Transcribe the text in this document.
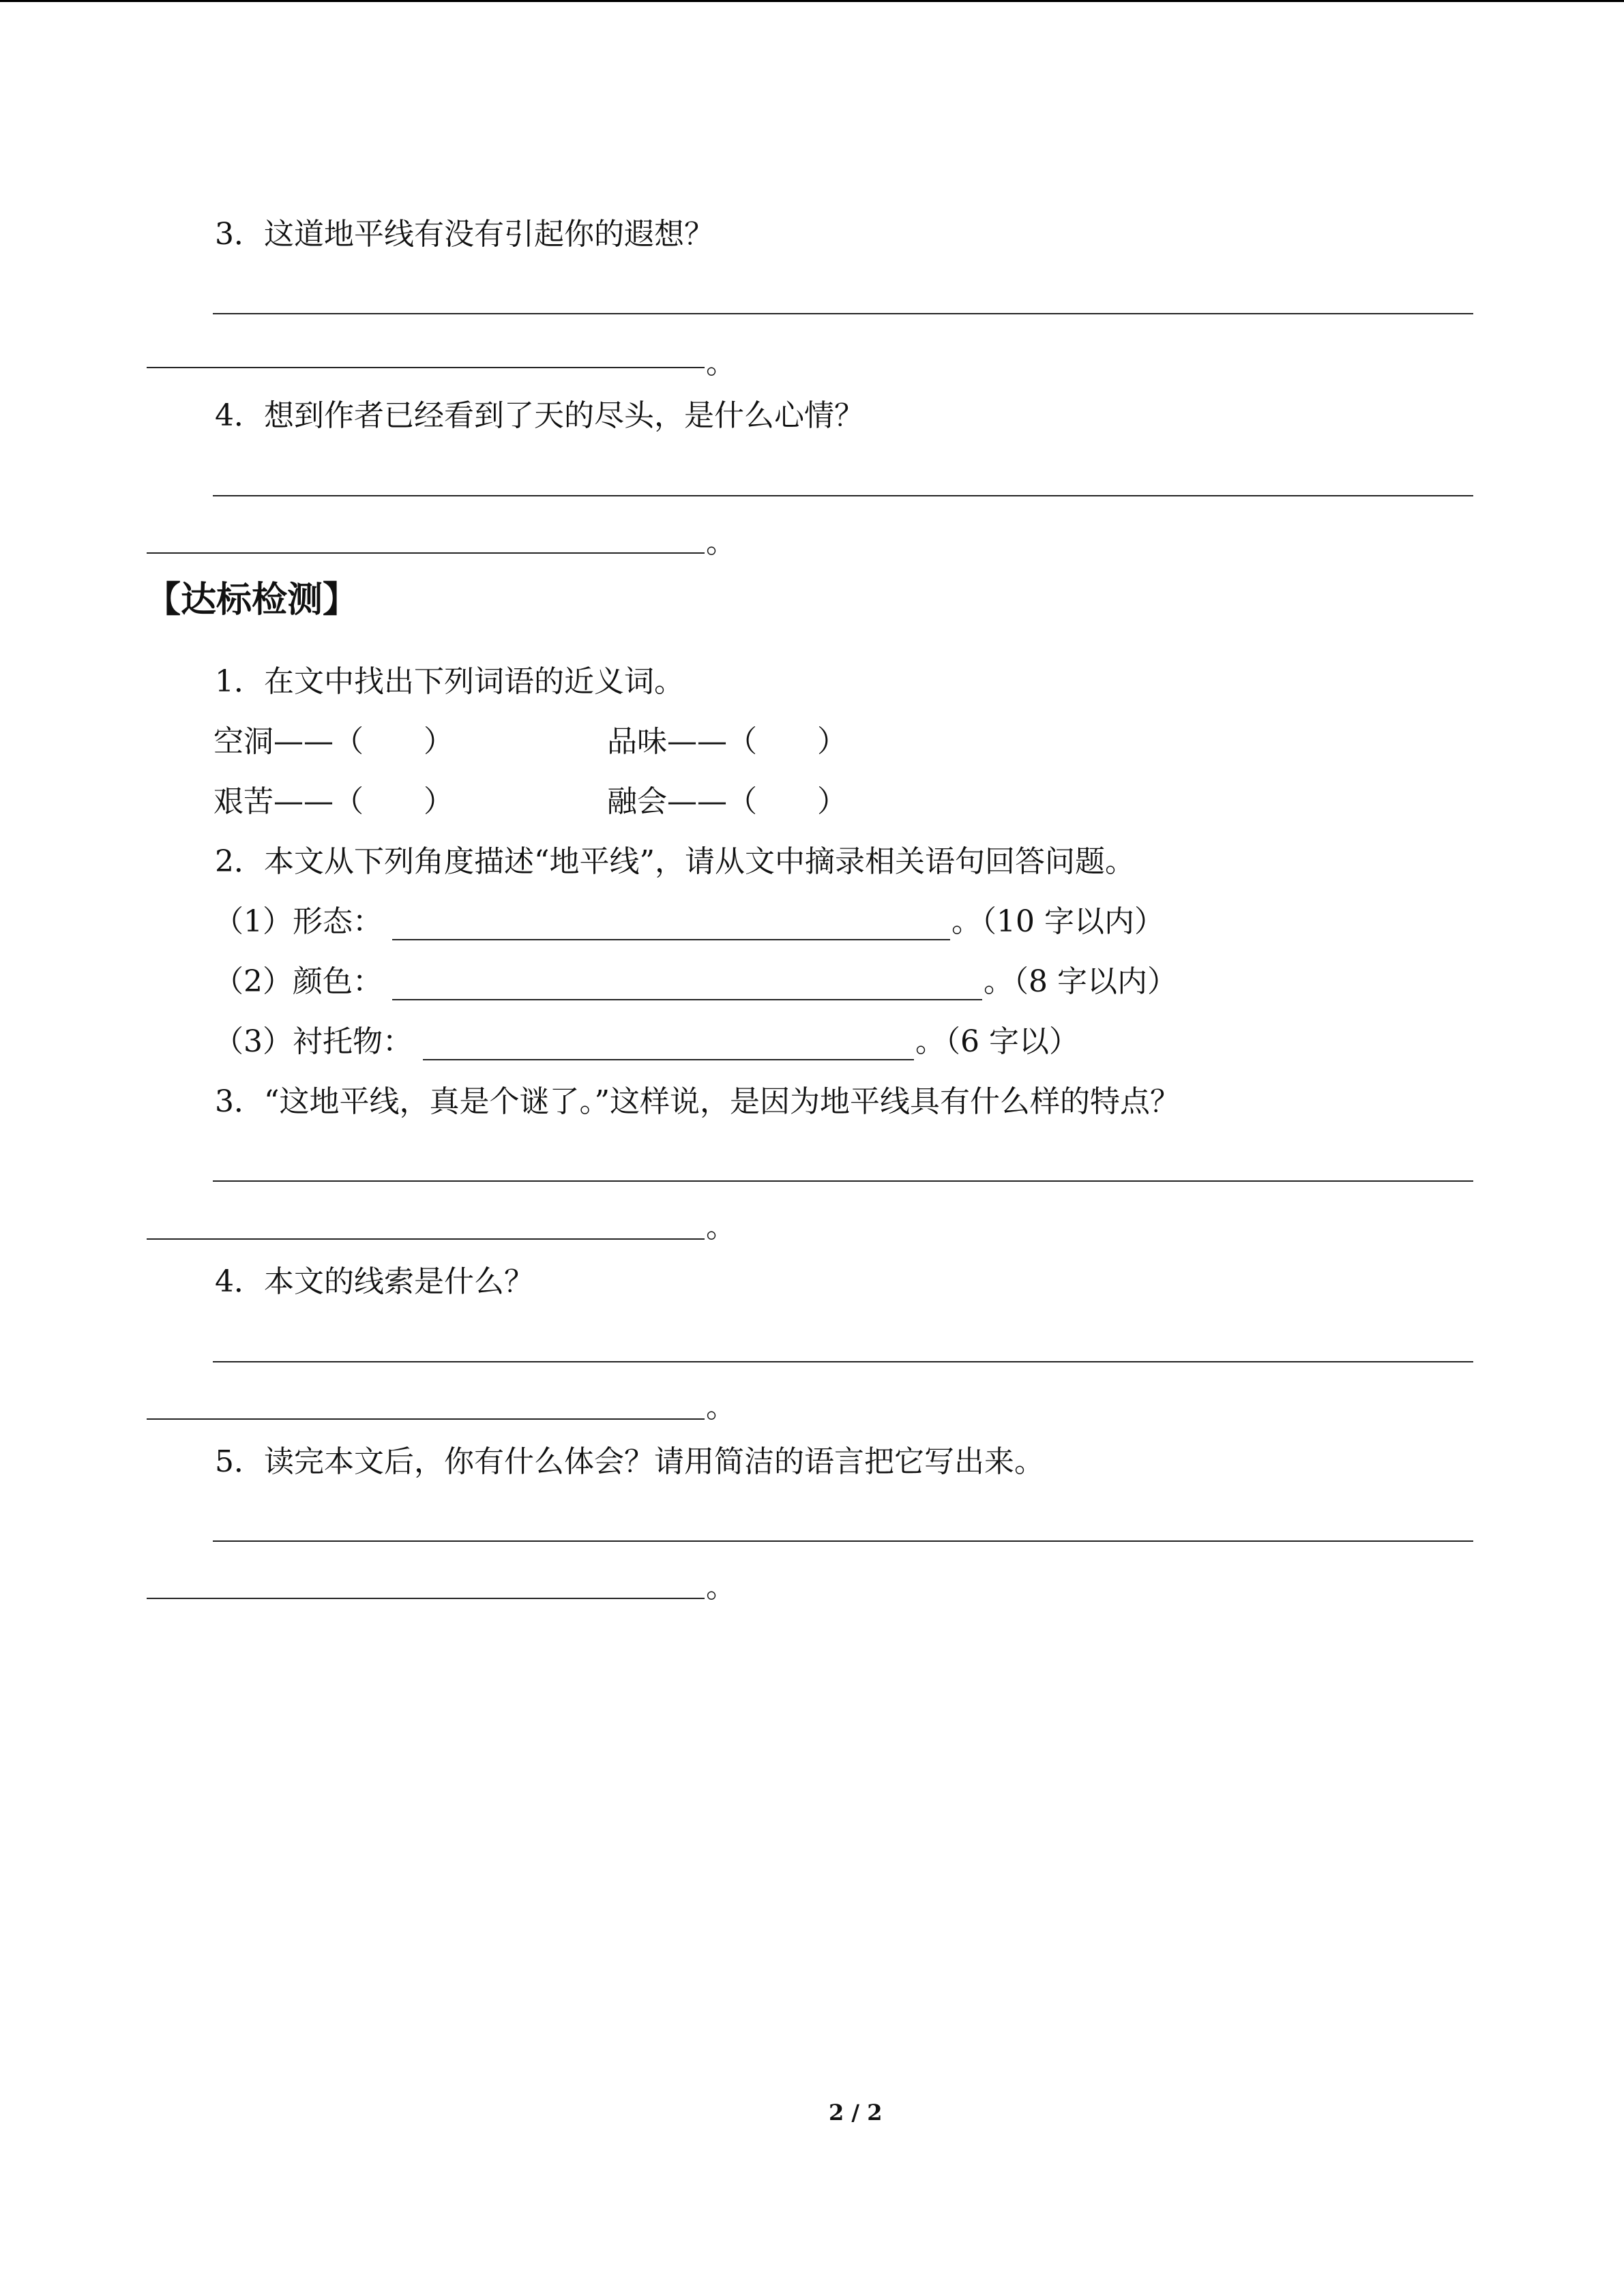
3．这道地平线有没有引起你的遐想？
。
4．想到作者已经看到了天的尽头，是什么心情？
。
【达标检测】
1．在文中找出下列词语的近义词。
空洞——（　　）	品味——（　　）
艰苦——（　　）	融会——（　　）
2．本文从下列角度描述“地平线”，请从文中摘录相关语句回答问题。
（1）形态：	。（10 字以内）
（2）颜色：	。（8 字以内）
（3）衬托物：	。（6 字以）
3．“这地平线，真是个谜了。”这样说，是因为地平线具有什么样的特点？
。
4．本文的线索是什么？
。
5．读完本文后，你有什么体会？请用简洁的语言把它写出来。
。
2 / 2
